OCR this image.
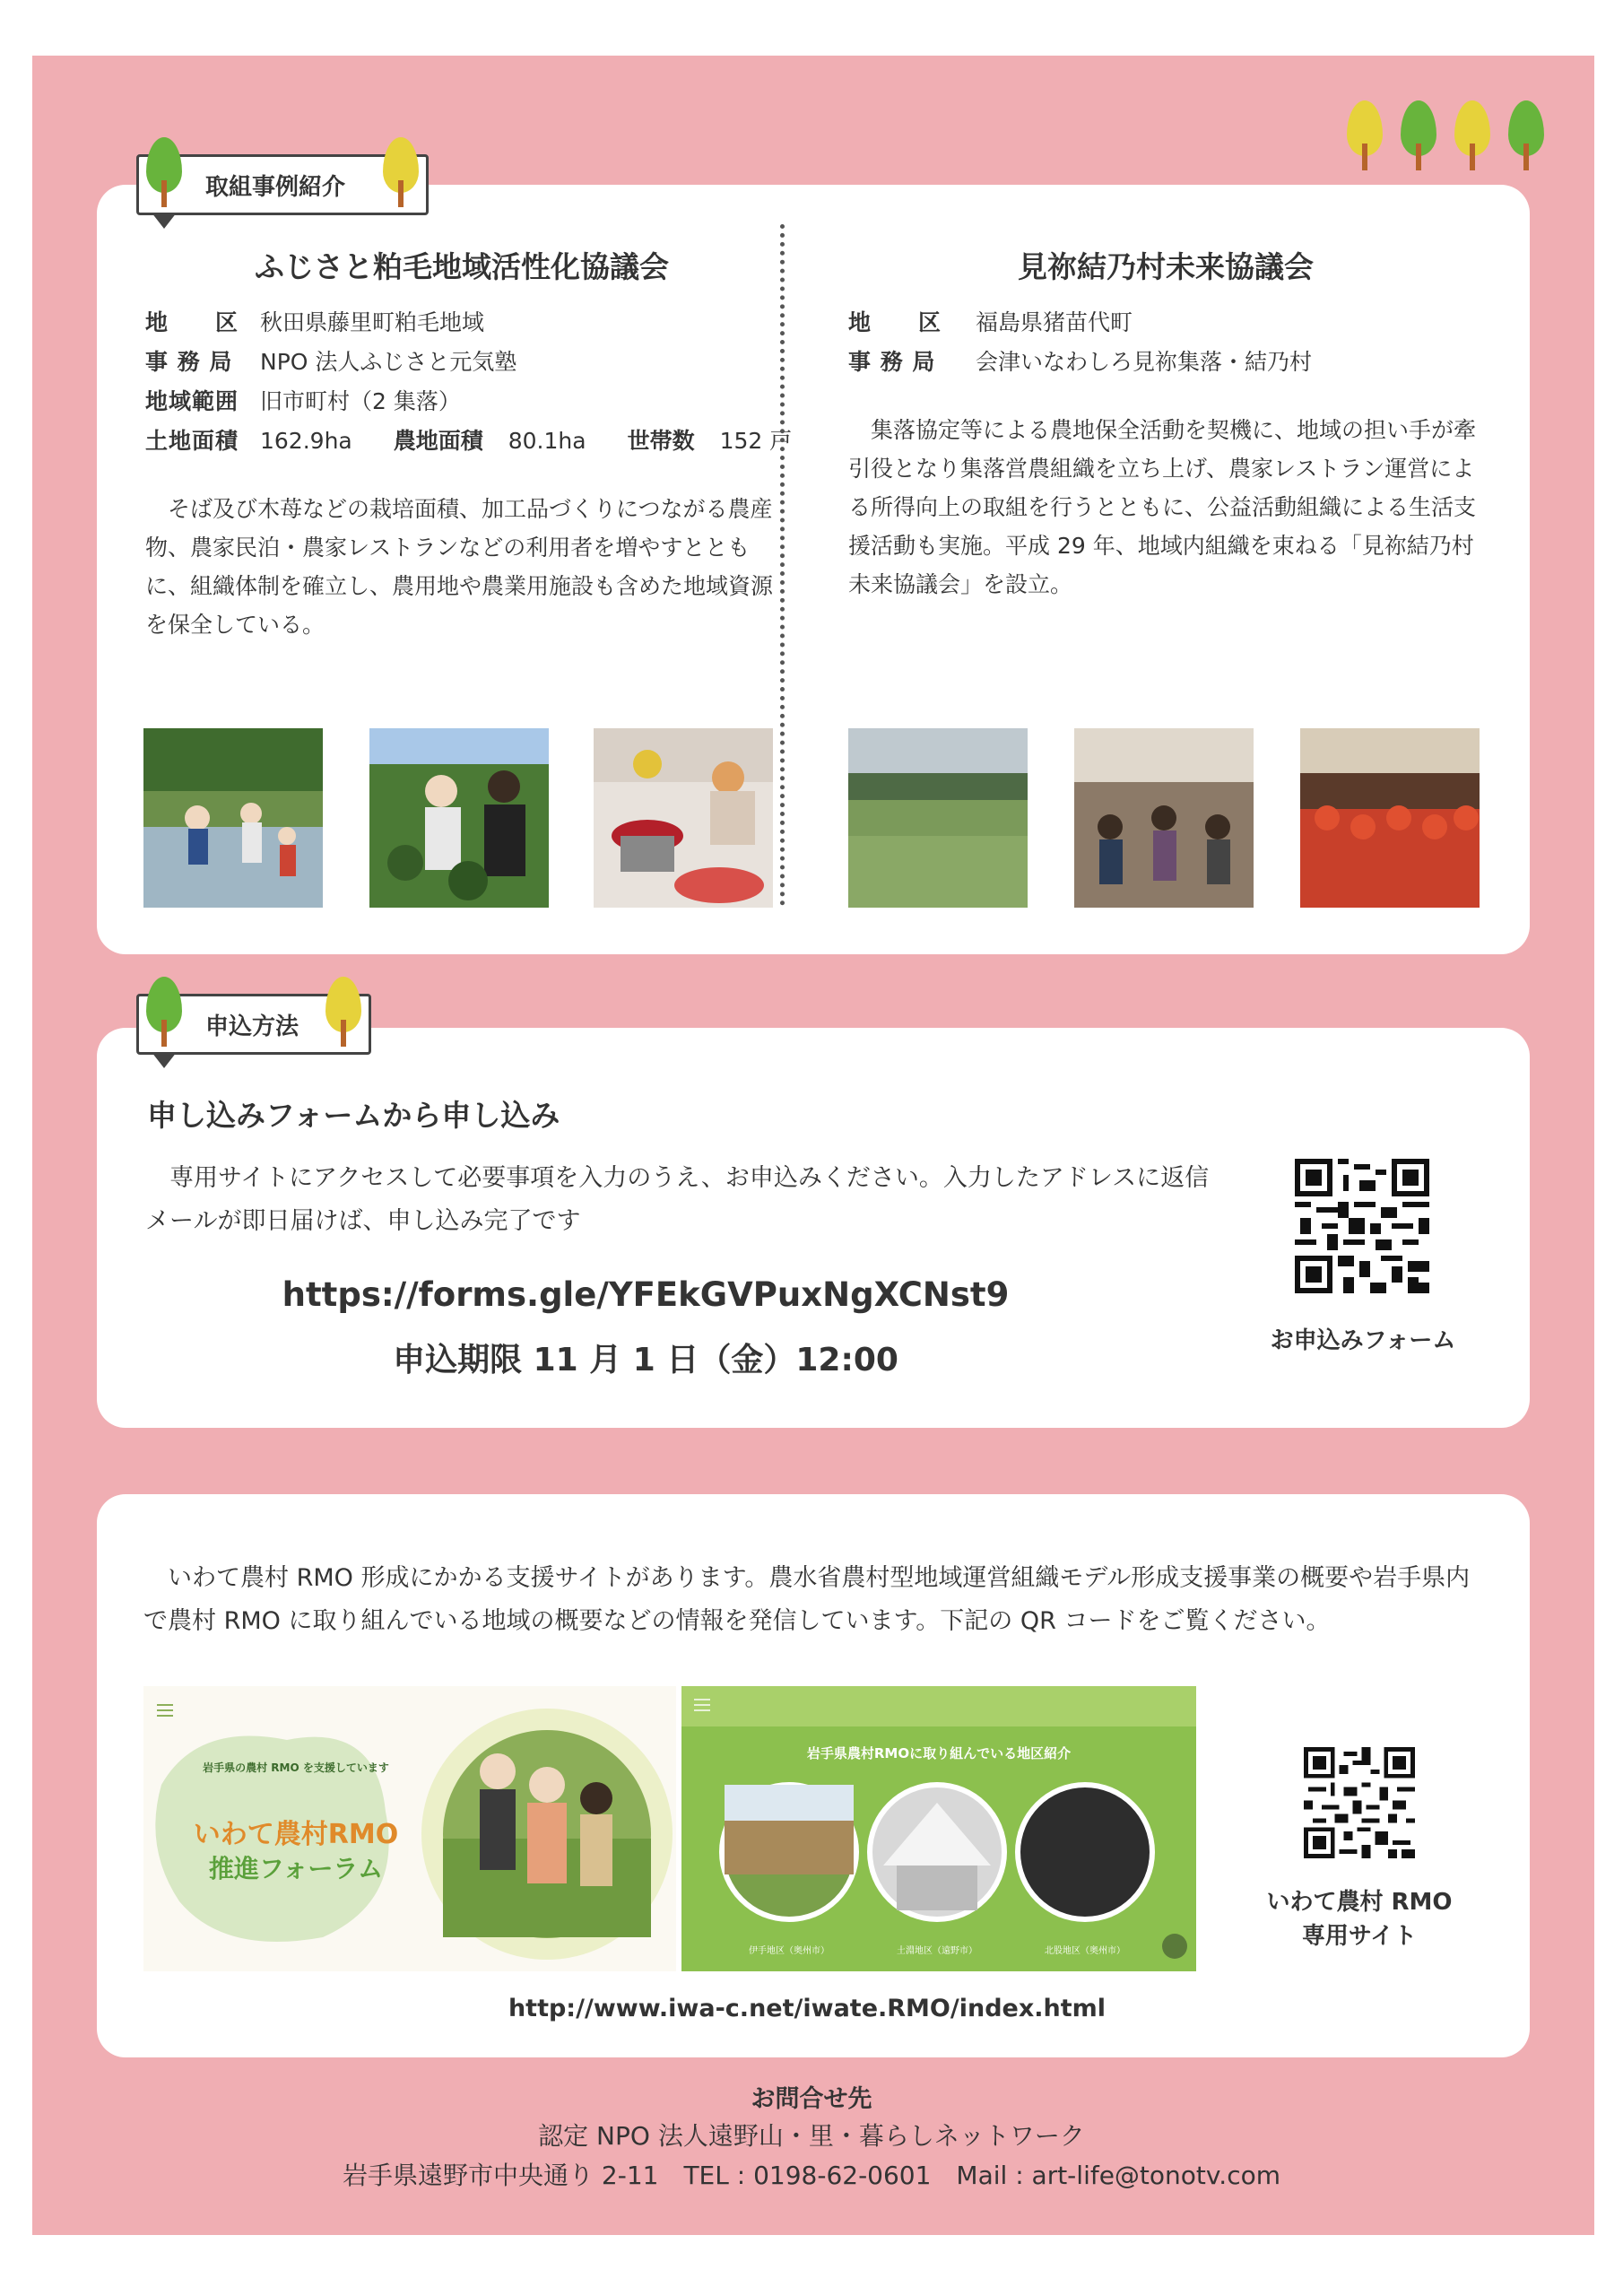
取組事例紹介
ふじさと粕毛地域活性化協議会
地　　区 秋田県藤里町粕毛地域
事 務 局	NPO 法人ふじさと元気塾
地域範囲 旧市町村（2 集落）
土地面積 162.9ha 農地面積 80.1ha 世帯数 152 戸
そば及び木苺などの栽培面積、加工品づくりにつながる農産物、農家民泊・農家レストランなどの利用者を増やすとともに、組織体制を確立し、農用地や農業用施設も含めた地域資源を保全している。
見祢結乃村未来協議会
地　　区	福島県猪苗代町
事 務 局	会津いなわしろ見祢集落・結乃村
集落協定等による農地保全活動を契機に、地域の担い手が牽引役となり集落営農組織を立ち上げ、農家レストラン運営による所得向上の取組を行うとともに、公益活動組織による生活支援活動も実施。平成 29 年、地域内組織を束ねる「見祢結乃村未来協議会」を設立。
申込方法
申し込みフォームから申し込み
専用サイトにアクセスして必要事項を入力のうえ、お申込みください。入力したアドレスに返信メールが即日届けば、申し込み完了です
https://forms.gle/YFEkGVPuxNgXCNst9
申込期限 11 月 1 日（金）12:00
お申込みフォーム
いわて農村 RMO 形成にかかる支援サイトがあります。農水省農村型地域運営組織モデル形成支援事業の概要や岩手県内で農村 RMO に取り組んでいる地域の概要などの情報を発信しています。下記の QR コードをご覧ください。
岩手県の農村 RMO を支援しています
いわて農村RMO
推進フォーラム
岩手県農村RMOに取り組んでいる地区紹介
伊手地区（奥州市）	土淵地区（遠野市）	北股地区（奥州市）
いわて農村 RMO
専用サイト
http://www.iwa-c.net/iwate.RMO/index.html
お問合せ先
認定 NPO 法人遠野山・里・暮らしネットワーク
岩手県遠野市中央通り 2-11　TEL : 0198-62-0601　Mail : art-life@tonotv.com
